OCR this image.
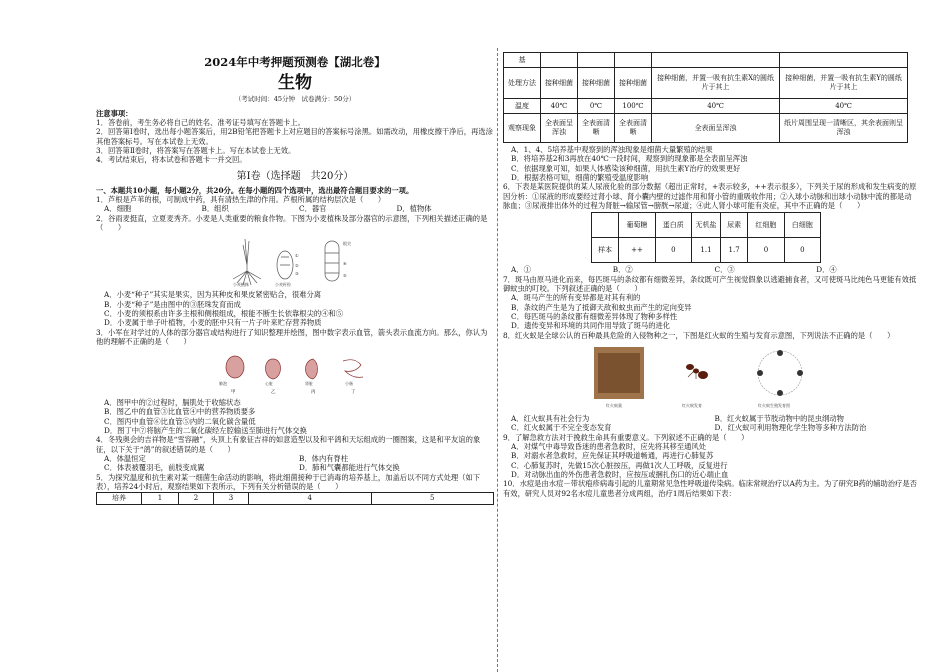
2024年中考押题预测卷【湖北卷】

生物

（考试时间：45分钟　试卷满分：50分）

注意事项：

1．答卷前，考生务必将自己的姓名、准考证号填写在答题卡上。

2．回答第Ⅰ卷时，选出每小题答案后，用2B铅笔把答题卡上对应题目的答案标号涂黑。如需改动，用橡皮擦干净后，再选涂其他答案标号。写在本试卷上无效。

3．回答第Ⅱ卷时，将答案写在答题卡上。写在本试卷上无效。

4．考试结束后，将本试卷和答题卡一并交回。

第Ⅰ卷（选择题　共20分）

一、本题共10小题，每小题2分，共20分。在每小题的四个选项中，选出最符合题目要求的一项。

1．芦根是芦苇的根，可制成中药，具有清热生津的作用。芦根所属的结构层次是（　　）

A．细胞	B．组织	C．器官	D．植物体

2．谷雨麦挺直，立夏麦秀齐。小麦是人类重要的粮食作物。下图为小麦植株及部分器官的示意图，下列相关描述正确的是（　　）

小麦植株	小麦籽粒
根尖
①
②
③
④
⑤

A．小麦“种子”其实是果实，因为其种皮和果皮紧密贴合，很难分离

B．小麦“种子”是由图中的③胚珠发育而成

C．小麦的须根系由许多主根和侧根组成，根能不断生长依靠根尖的④和⑤

D．小麦属于单子叶植物，小麦的胚中只有一片子叶来贮存营养物质

3．小军在对学过的人体的部分器官或结构进行了知识整理并绘图，图中数字表示血管，箭头表示血流方向。那么，你认为他的理解不正确的是（　　）

肺泡	心脏	肾脏	小肠
甲	乙	丙	丁

A．图甲中的②过程时，膈肌处于收缩状态

B．图乙中的血管③比血管④中的营养物质要多

C．图丙中血管⑥比血管⑤内的二氧化碳含量低

D．图丁中⑦将脑产生的二氧化碳经左腔输送至肺进行气体交换

4．冬残奥会的吉祥物是“雪容融”，头顶上有象征吉祥的如意造型以及和平鸽和天坛组成的一圈图案，这是和平友谊的象征，以下关于“鸽”的叙述错误的是（　　）

A．体温恒定	B．体内有脊柱
C．体表被覆羽毛，前肢变成翼	D．肺和气囊都能进行气体交换

5．为探究温度和抗生素对某一细菌生命活动的影响，将此细菌接种于已消毒的培养基上，加盖后以不同方式处理（如下表），培养24小时后，观察结果如下表所示，下列有关分析错误的是（　　）

培养	1	2	3	4	5
基					
处理方法	接种细菌	接种细菌	接种细菌	接种细菌，并置一吸有抗生素X的圆纸片于其上	接种细菌，并置一吸有抗生素Y的圆纸片于其上
温度	40℃	0℃	100℃	40℃	40℃
观察现象	全表面呈浑浊	全表面清晰	全表面清晰	全表面呈浑浊	纸片周围呈现一清晰区，其余表面则呈浑浊

A．1、4、5培养基中观察到的浑浊现象是细菌大量繁殖的结果

B．将培养基2和3再放在40℃一段时间，观察到的现象都是全表面呈浑浊

C．依据现象可知，如果人体感染该种细菌，用抗生素Y治疗的效果更好

D．根据表格可知，细菌的繁殖受温度影响

6．下表是某医院提供的某人尿液化验的部分数据（超出正常时，+表示较多，++表示很多），下列关于尿的形成和发生病变的原因分析：①尿液的形成要经过肾小球、肾小囊内壁的过滤作用和肾小管的重吸收作用；②入球小动脉和出球小动脉中流的都是动脉血；③尿液排出体外的过程为肾脏→输尿管→膀胱→尿道；④此人肾小球可能有炎症，其中不正确的是（　　）

	葡萄糖	蛋白质	无机盐	尿素	红细胞	白细胞
样本	++	0	1.1	1.7	0	0
A．①	B．②	C．③	D．④

7．斑马由原马进化而来，每匹斑马的条纹都有细微差异，条纹既可产生视觉假象以逃避捕食者，又可使斑马比纯色马更能有效抵御蚊虫的叮咬。下列叙述正确的是（　　）

A．斑马产生的所有变异都是对其有利的

B．条纹的产生是为了抵御天敌和蚊虫而产生的定向变异

C．每匹斑马的条纹都有细微差异体现了物种多样性

D．遗传变异和环境的共同作用导致了斑马的进化

8．红火蚁是全球公认的百种最具危险的入侵物种之一，下图是红火蚁的生殖与发育示意图，下列说法不正确的是（　　）

红火蚁巢	红火蚁发育	红火蚁生殖发育图
A．红火蚁具有社会行为	B．红火蚁属于节肢动物中的昆虫纲动物
C．红火蚁属于不完全变态发育	D．红火蚁可利用物理化学生物等多种方法防治

9．了解急救方法对于挽救生命具有重要意义。下列叙述不正确的是（　　）

A．对煤气中毒导致昏迷的患者急救时，应先将其移至通风处

B．对溺水者急救时，应先保证其呼吸道畅通，再进行心肺复苏

C．心肺复苏时，先做15次心脏按压，再做1次人工呼吸，反复进行

D．对动脉出血的外伤患者急救时，应按压或捆扎伤口的近心端止血

10．水痘是由水痘－带状疱疹病毒引起的儿童期常见急性呼吸道传染病。临床常规治疗以A药为主。为了研究B药的辅助治疗是否有效，研究人员对92名水痘儿童患者分成两组，治疗1周后结果如下表：
